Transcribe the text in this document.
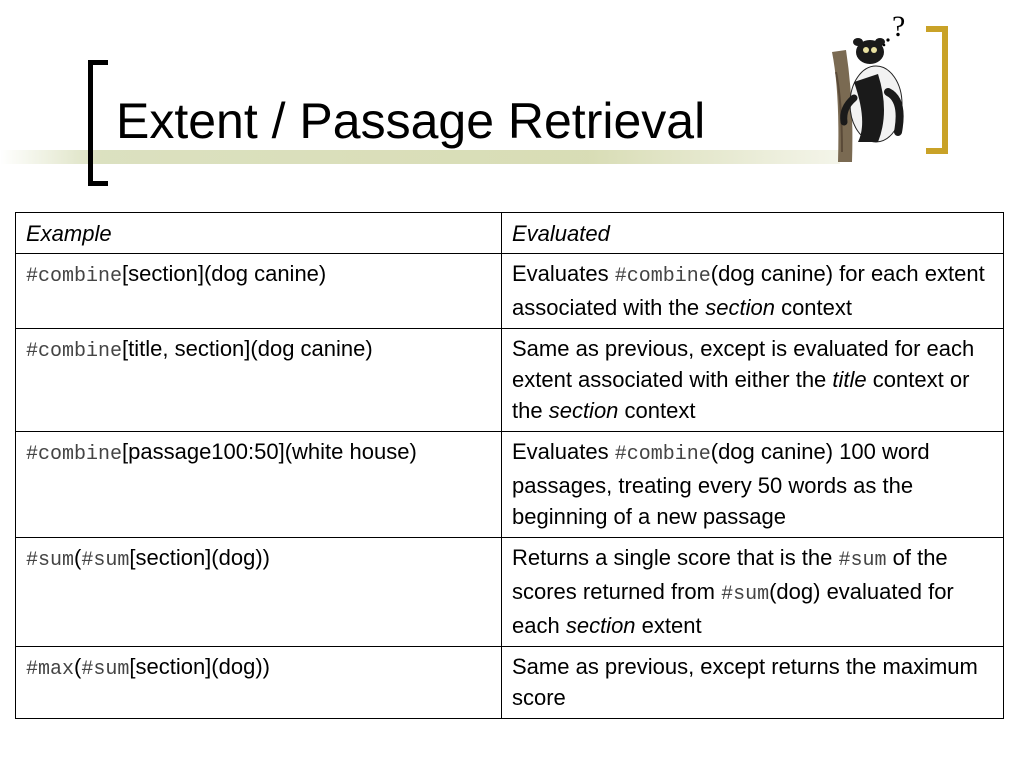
Extent / Passage Retrieval
?
Example	Evaluated
#combine[section](dog canine)	Evaluates #combine(dog canine) for each extent associated with the section context
#combine[title, section](dog canine)	Same as previous, except is evaluated for each extent associated with either the title context or the section context
#combine[passage100:50](white house)	Evaluates #combine(dog canine) 100 word passages, treating every 50 words as the beginning of a new passage
#sum(#sum[section](dog))	Returns a single score that is the #sum of the scores returned from #sum(dog) evaluated for each section extent
#max(#sum[section](dog))	Same as previous, except returns the maximum score
